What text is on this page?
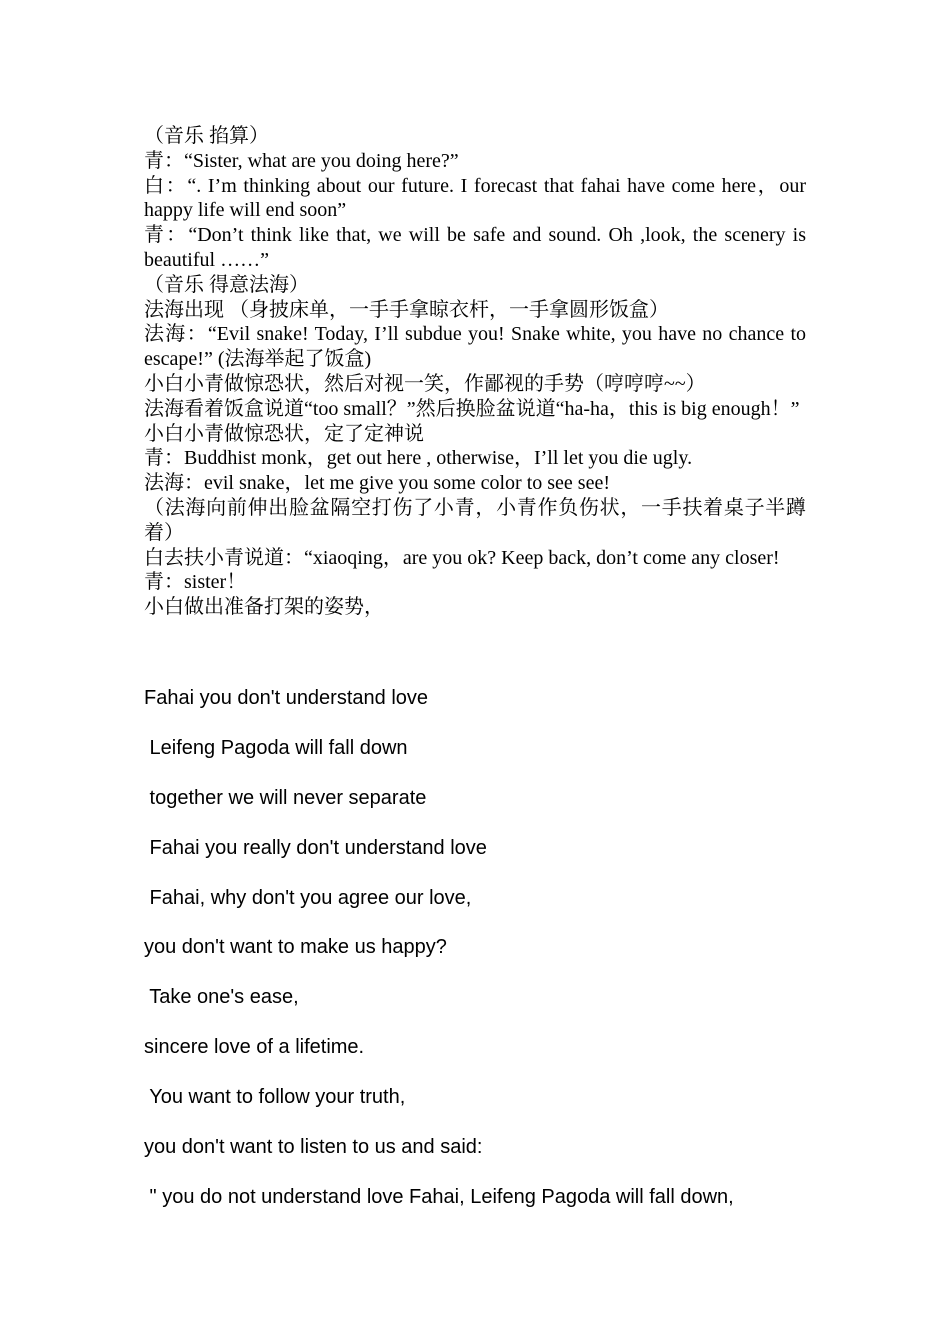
（音乐 掐算）

青：“Sister, what are you doing here?”

白：“. I’m thinking about our future. I forecast that fahai have come here，our happy life will end soon”

青：“Don’t think like that, we will be safe and sound. Oh ,look, the scenery is beautiful ……”

（音乐 得意法海）

法海出现 （身披床单，一手手拿晾衣杆，一手拿圆形饭盒）

法海：“Evil snake! Today, I’ll subdue you! Snake white, you have no chance to escape!” (法海举起了饭盒)

小白小青做惊恐状，然后对视一笑，作鄙视的手势（哼哼哼~~）

法海看着饭盒说道“too small？”然后换脸盆说道“ha-ha，this is big enough！”

小白小青做惊恐状，定了定神说

青：Buddhist monk，get out here , otherwise，I’ll let you die ugly.

法海：evil snake，let me give you some color to see see!

（法海向前伸出脸盆隔空打伤了小青，小青作负伤状，一手扶着桌子半蹲着）

白去扶小青说道：“xiaoqing，are you ok? Keep back, don’t come any closer!

青：sister！

小白做出准备打架的姿势，

Fahai you don't understand love

Leifeng Pagoda will fall down

together we will never separate

Fahai you really don't understand love

Fahai, why don't you agree our love,

you don't want to make us happy?

Take one's ease,

sincere love of a lifetime.

You want to follow your truth,

you don't want to listen to us and said:

" you do not understand love Fahai, Leifeng Pagoda will fall down,
